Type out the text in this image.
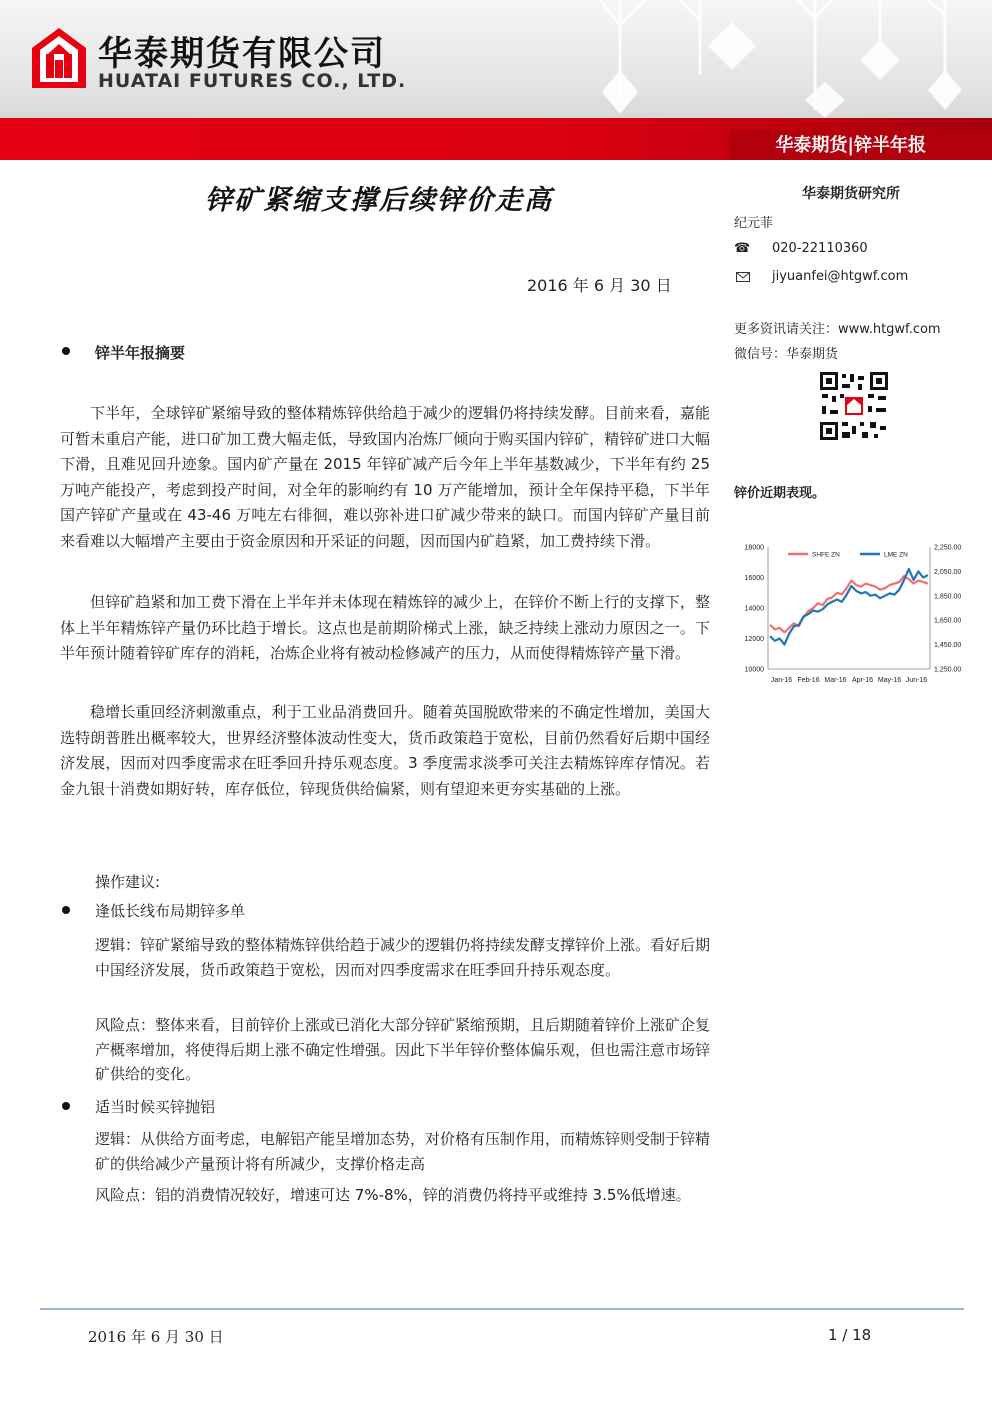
华泰期货有限公司
HUATAI FUTURES CO., LTD.
华泰期货|锌半年报
锌矿紧缩支撑后续锌价走高
2016 年 6 月 30 日
锌半年报摘要

下半年，全球锌矿紧缩导致的整体精炼锌供给趋于减少的逻辑仍将持续发酵。目前来看，嘉能可暂未重启产能，进口矿加工费大幅走低，导致国内冶炼厂倾向于购买国内锌矿，精锌矿进口大幅下滑，且难见回升迹象。国内矿产量在 2015 年锌矿减产后今年上半年基数减少，下半年有约 25 万吨产能投产，考虑到投产时间，对全年的影响约有 10 万产能增加，预计全年保持平稳，下半年国产锌矿产量或在 43-46 万吨左右徘徊，难以弥补进口矿减少带来的缺口。而国内锌矿产量目前来看难以大幅增产主要由于资金原因和开采证的问题，因而国内矿趋紧，加工费持续下滑。

但锌矿趋紧和加工费下滑在上半年并未体现在精炼锌的减少上，在锌价不断上行的支撑下，整体上半年精炼锌产量仍环比趋于增长。这点也是前期阶梯式上涨，缺乏持续上涨动力原因之一。下半年预计随着锌矿库存的消耗，冶炼企业将有被动检修减产的压力，从而使得精炼锌产量下滑。

稳增长重回经济刺激重点，利于工业品消费回升。随着英国脱欧带来的不确定性增加，美国大选特朗普胜出概率较大，世界经济整体波动性变大，货币政策趋于宽松，目前仍然看好后期中国经济发展，因而对四季度需求在旺季回升持乐观态度。3 季度需求淡季可关注去精炼锌库存情况。若金九银十消费如期好转，库存低位，锌现货供给偏紧，则有望迎来更夯实基础的上涨。

操作建议:
逢低长线布局期锌多单

逻辑：锌矿紧缩导致的整体精炼锌供给趋于减少的逻辑仍将持续发酵支撑锌价上涨。看好后期中国经济发展，货币政策趋于宽松，因而对四季度需求在旺季回升持乐观态度。

风险点：整体来看，目前锌价上涨或已消化大部分锌矿紧缩预期，且后期随着锌价上涨矿企复产概率增加，将使得后期上涨不确定性增强。因此下半年锌价整体偏乐观，但也需注意市场锌矿供给的变化。

适当时候买锌抛铝

逻辑：从供给方面考虑，电解铝产能呈增加态势，对价格有压制作用，而精炼锌则受制于锌精矿的供给减少产量预计将有所减少，支撑价格走高

风险点：铝的消费情况较好，增速可达 7%-8%，锌的消费仍将持平或维持 3.5%低增速。

华泰期货研究所
纪元菲
☎ 020-22110360
jiyuanfei@htgwf.com
更多资讯请关注：www.htgwf.com
微信号：华泰期货
锌价近期表现。
10000
12000
14000
16000
18000
1,250.00
1,450.00
1,650.00
1,850.00
2,050.00
2,250.00
Jan-16 Feb-16 Mar-16 Apr-16 May-16 Jun-16
SHFE ZN	LME ZN
2016 年 6 月 30 日	1 / 18
